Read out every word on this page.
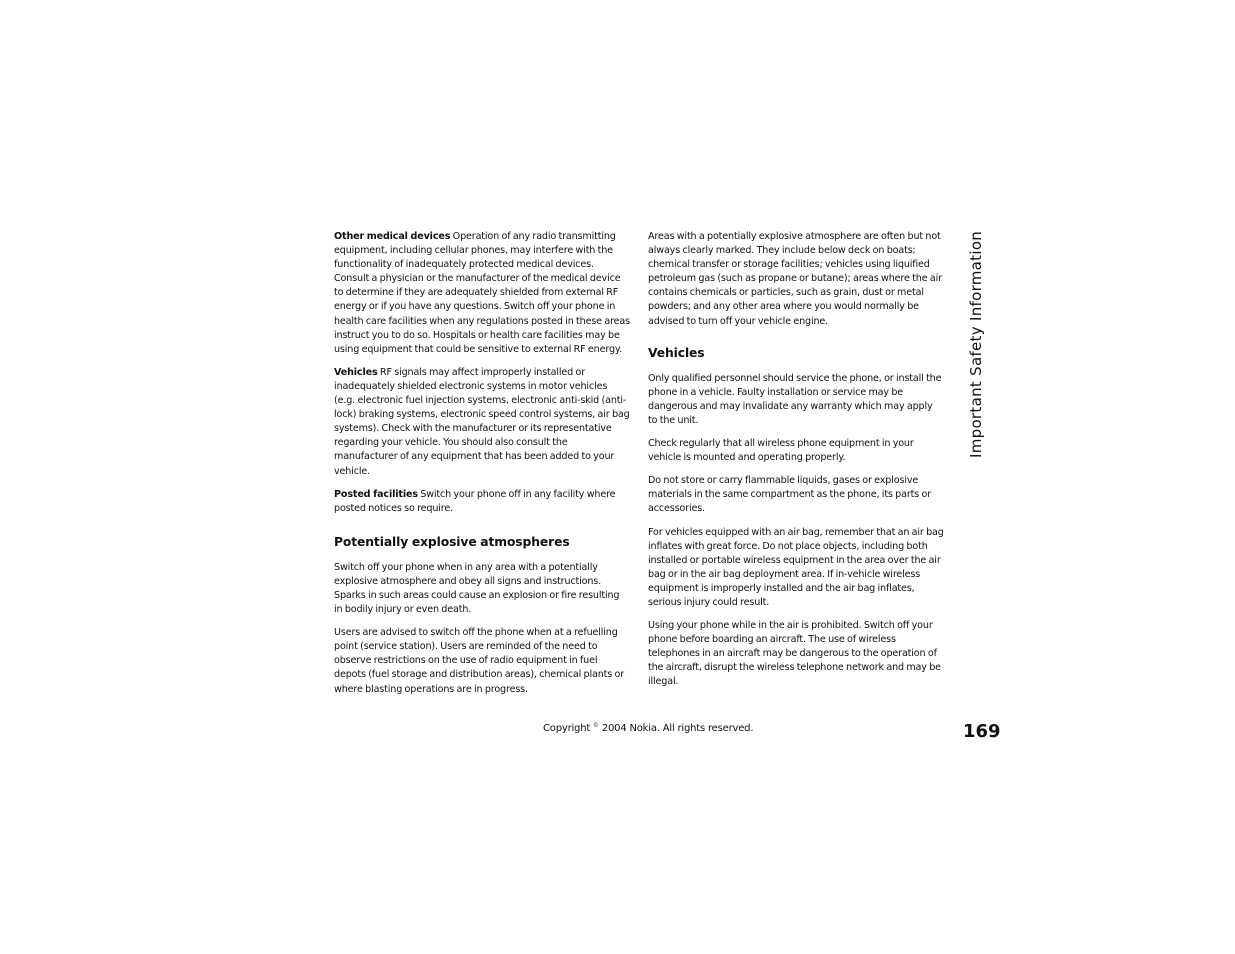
Other medical devices Operation of any radio transmitting equipment, including cellular phones, may interfere with the functionality of inadequately protected medical devices. Consult a physician or the manufacturer of the medical device to determine if they are adequately shielded from external RF energy or if you have any questions. Switch off your phone in health care facilities when any regulations posted in these areas instruct you to do so. Hospitals or health care facilities may be using equipment that could be sensitive to external RF energy.

Vehicles RF signals may affect improperly installed or inadequately shielded electronic systems in motor vehicles (e.g. electronic fuel injection systems, electronic anti-skid (anti-lock) braking systems, electronic speed control systems, air bag systems). Check with the manufacturer or its representative regarding your vehicle. You should also consult the manufacturer of any equipment that has been added to your vehicle.

Posted facilities Switch your phone off in any facility where posted notices so require.

Potentially explosive atmospheres

Switch off your phone when in any area with a potentially explosive atmosphere and obey all signs and instructions. Sparks in such areas could cause an explosion or fire resulting in bodily injury or even death.

Users are advised to switch off the phone when at a refuelling point (service station). Users are reminded of the need to observe restrictions on the use of radio equipment in fuel depots (fuel storage and distribution areas), chemical plants or where blasting operations are in progress.

Areas with a potentially explosive atmosphere are often but not always clearly marked. They include below deck on boats; chemical transfer or storage facilities; vehicles using liquified petroleum gas (such as propane or butane); areas where the air contains chemicals or particles, such as grain, dust or metal powders; and any other area where you would normally be advised to turn off your vehicle engine.

Vehicles

Only qualified personnel should service the phone, or install the phone in a vehicle. Faulty installation or service may be dangerous and may invalidate any warranty which may apply to the unit.

Check regularly that all wireless phone equipment in your vehicle is mounted and operating properly.

Do not store or carry flammable liquids, gases or explosive materials in the same compartment as the phone, its parts or accessories.

For vehicles equipped with an air bag, remember that an air bag inflates with great force. Do not place objects, including both installed or portable wireless equipment in the area over the air bag or in the air bag deployment area. If in-vehicle wireless equipment is improperly installed and the air bag inflates, serious injury could result.

Using your phone while in the air is prohibited. Switch off your phone before boarding an aircraft. The use of wireless telephones in an aircraft may be dangerous to the operation of the aircraft, disrupt the wireless telephone network and may be illegal.

Important Safety Information
Copyright © 2004 Nokia. All rights reserved.	169
